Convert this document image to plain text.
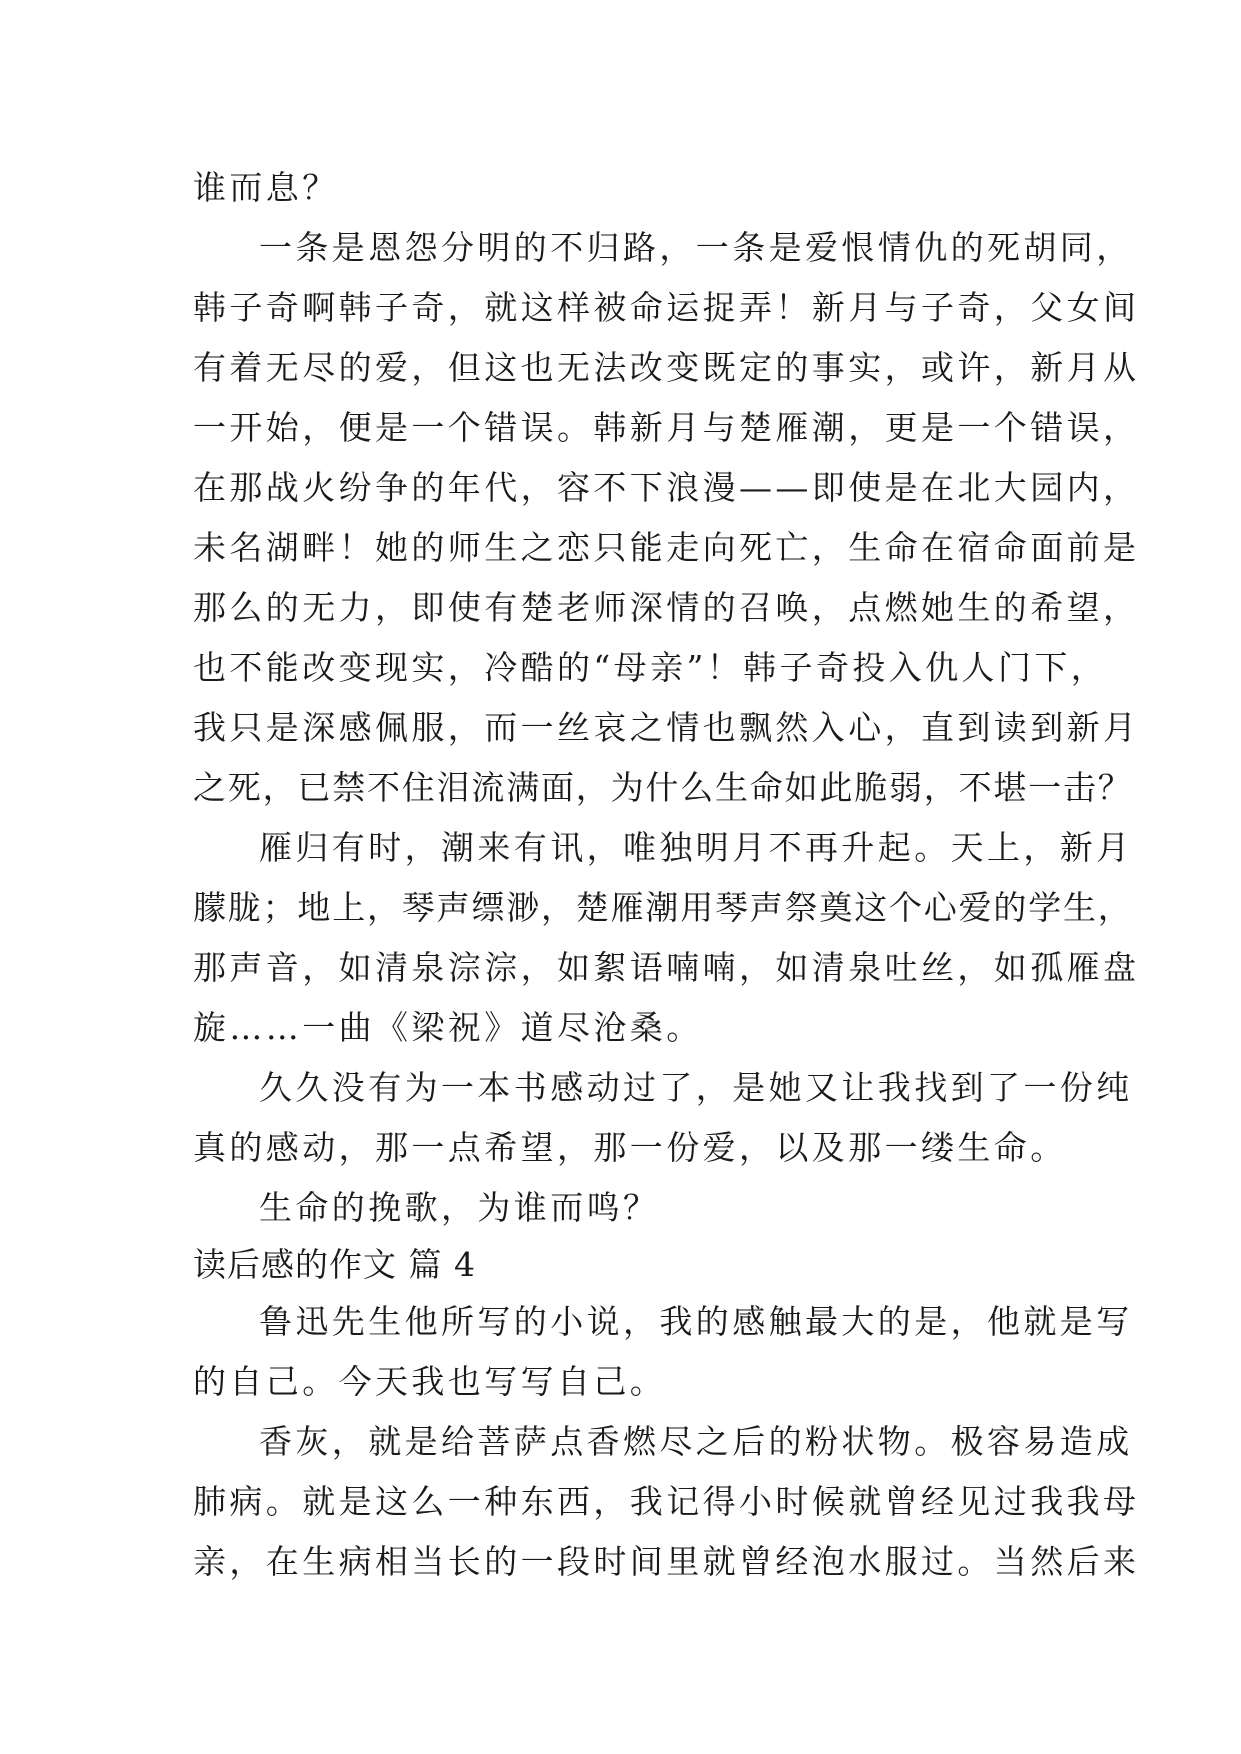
谁而息？
一条是恩怨分明的不归路，一条是爱恨情仇的死胡同，
韩子奇啊韩子奇，就这样被命运捉弄！新月与子奇，父女间
有着无尽的爱，但这也无法改变既定的事实，或许，新月从
一开始，便是一个错误。韩新月与楚雁潮，更是一个错误，
在那战火纷争的年代，容不下浪漫——即使是在北大园内，
未名湖畔！她的师生之恋只能走向死亡，生命在宿命面前是
那么的无力，即使有楚老师深情的召唤，点燃她生的希望，
也不能改变现实，冷酷的“母亲”！韩子奇投入仇人门下，
我只是深感佩服，而一丝哀之情也飘然入心，直到读到新月
之死，已禁不住泪流满面，为什么生命如此脆弱，不堪一击？
雁归有时，潮来有讯，唯独明月不再升起。天上，新月
朦胧；地上，琴声缥渺，楚雁潮用琴声祭奠这个心爱的学生，
那声音，如清泉淙淙，如絮语喃喃，如清泉吐丝，如孤雁盘
旋……一曲《梁祝》道尽沧桑。
久久没有为一本书感动过了，是她又让我找到了一份纯
真的感动，那一点希望，那一份爱，以及那一缕生命。
生命的挽歌，为谁而鸣？
读后感的作文 篇 4
鲁迅先生他所写的小说，我的感触最大的是，他就是写
的自己。今天我也写写自己。
香灰，就是给菩萨点香燃尽之后的粉状物。极容易造成
肺病。就是这么一种东西，我记得小时候就曾经见过我我母
亲，在生病相当长的一段时间里就曾经泡水服过。当然后来
